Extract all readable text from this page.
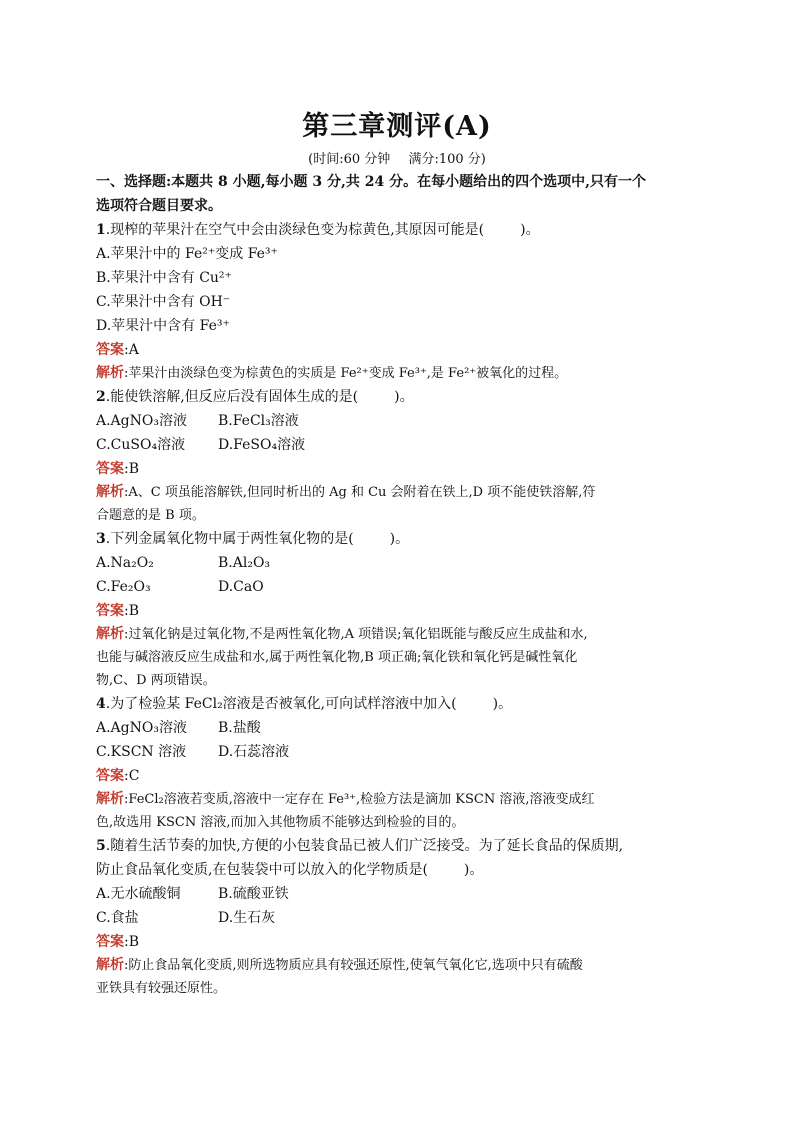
第三章测评(A)
(时间:60 分钟 满分:100 分)
一、选择题:本题共 8 小题,每小题 3 分,共 24 分。在每小题给出的四个选项中,只有一个
选项符合题目要求。
1.现榨的苹果汁在空气中会由淡绿色变为棕黄色,其原因可能是(	)。
A.苹果汁中的 Fe²⁺变成 Fe³⁺
B.苹果汁中含有 Cu²⁺
C.苹果汁中含有 OH⁻
D.苹果汁中含有 Fe³⁺
答案:A
解析:苹果汁由淡绿色变为棕黄色的实质是 Fe²⁺变成 Fe³⁺,是 Fe²⁺被氧化的过程。
2.能使铁溶解,但反应后没有固体生成的是(	)。
A.AgNO₃溶液	B.FeCl₃溶液
C.CuSO₄溶液	D.FeSO₄溶液
答案:B
解析:A、C 项虽能溶解铁,但同时析出的 Ag 和 Cu 会附着在铁上,D 项不能使铁溶解,符
合题意的是 B 项。
3.下列金属氧化物中属于两性氧化物的是(	)。
A.Na₂O₂	B.Al₂O₃
C.Fe₂O₃	D.CaO
答案:B
解析:过氧化钠是过氧化物,不是两性氧化物,A 项错误;氧化铝既能与酸反应生成盐和水,
也能与碱溶液反应生成盐和水,属于两性氧化物,B 项正确;氧化铁和氧化钙是碱性氧化
物,C、D 两项错误。
4.为了检验某 FeCl₂溶液是否被氧化,可向试样溶液中加入(	)。
A.AgNO₃溶液	B.盐酸
C.KSCN 溶液	D.石蕊溶液
答案:C
解析:FeCl₂溶液若变质,溶液中一定存在 Fe³⁺,检验方法是滴加 KSCN 溶液,溶液变成红
色,故选用 KSCN 溶液,而加入其他物质不能够达到检验的目的。
5.随着生活节奏的加快,方便的小包装食品已被人们广泛接受。为了延长食品的保质期,
防止食品氧化变质,在包装袋中可以放入的化学物质是(	)。
A.无水硫酸铜	B.硫酸亚铁
C.食盐	D.生石灰
答案:B
解析:防止食品氧化变质,则所选物质应具有较强还原性,使氧气氧化它,选项中只有硫酸
亚铁具有较强还原性。
